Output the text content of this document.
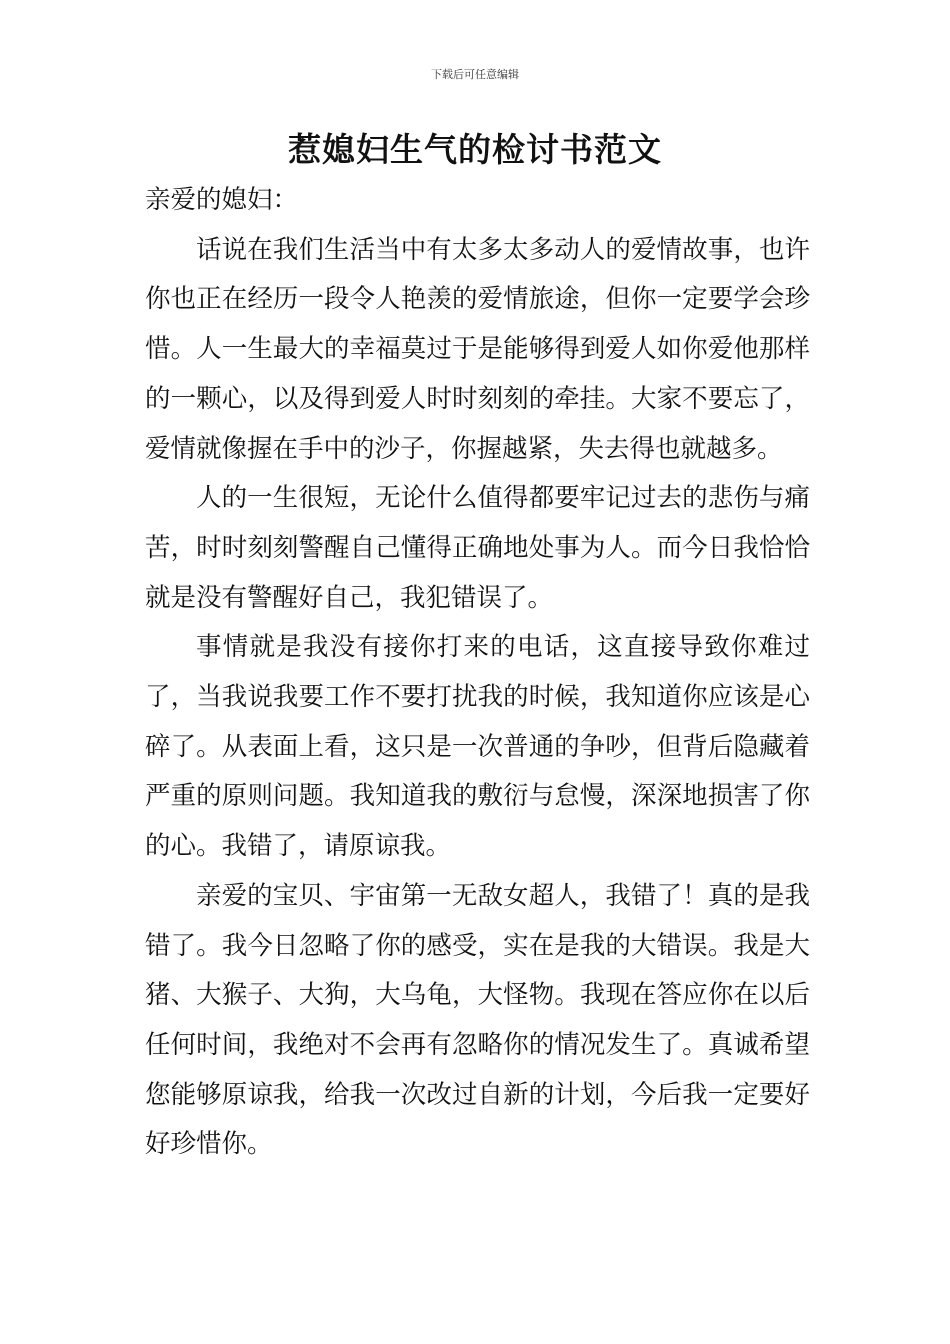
下载后可任意编辑
惹媳妇生气的检讨书范文

亲爱的媳妇：

话说在我们生活当中有太多太多动人的爱情故事，也许你也正在经历一段令人艳羡的爱情旅途，但你一定要学会珍惜。人一生最大的幸福莫过于是能够得到爱人如你爱他那样的一颗心，以及得到爱人时时刻刻的牵挂。大家不要忘了，爱情就像握在手中的沙子，你握越紧，失去得也就越多。

人的一生很短，无论什么值得都要牢记过去的悲伤与痛苦，时时刻刻警醒自己懂得正确地处事为人。而今日我恰恰就是没有警醒好自己，我犯错误了。

事情就是我没有接你打来的电话，这直接导致你难过了，当我说我要工作不要打扰我的时候，我知道你应该是心碎了。从表面上看，这只是一次普通的争吵，但背后隐藏着严重的原则问题。我知道我的敷衍与怠慢，深深地损害了你的心。我错了，请原谅我。

亲爱的宝贝、宇宙第一无敌女超人，我错了！真的是我错了。我今日忽略了你的感受，实在是我的大错误。我是大猪、大猴子、大狗，大乌龟，大怪物。我现在答应你在以后任何时间，我绝对不会再有忽略你的情况发生了。真诚希望您能够原谅我，给我一次改过自新的计划，今后我一定要好好珍惜你。
